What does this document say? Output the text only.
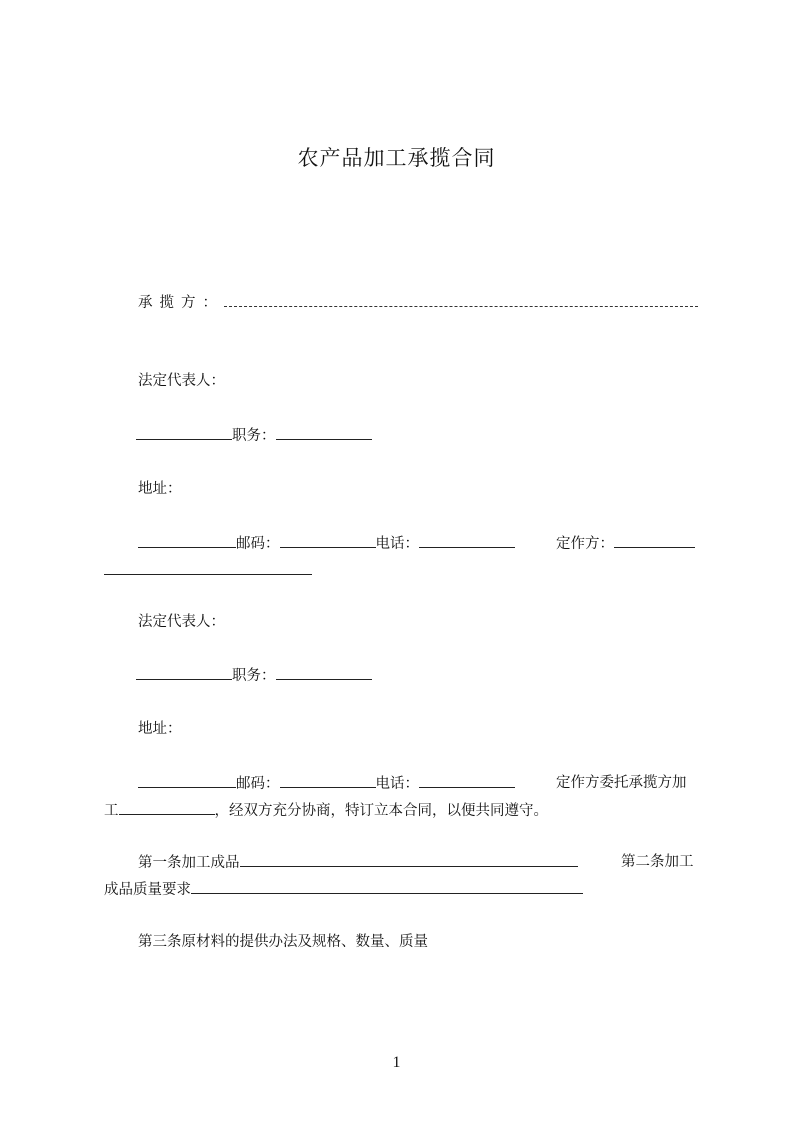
农产品加工承揽合同
承揽方：
法定代表人：
职务：
地址：
邮码：	电话：	定作方：
法定代表人：
职务：
地址：
邮码：	电话：	定作方委托承揽方加
工	，经双方充分协商，特订立本合同，以便共同遵守。
第一条加工成品	第二条加工
成品质量要求
第三条原材料的提供办法及规格、数量、质量
1
